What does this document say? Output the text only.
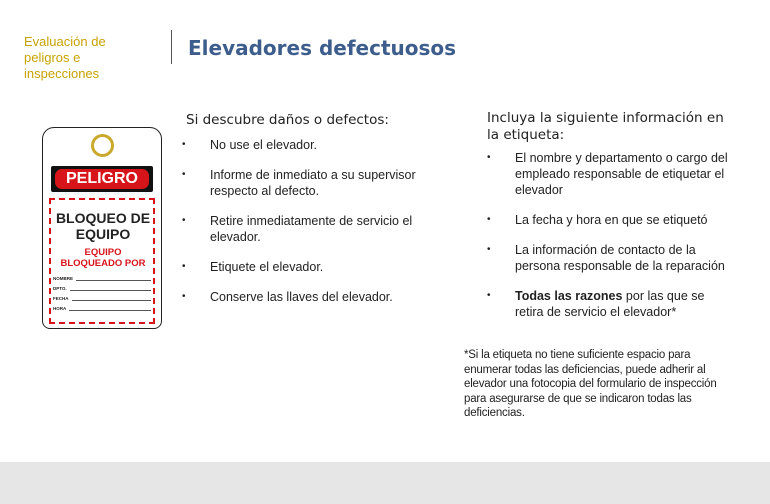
Evaluación de peligros e inspecciones
Elevadores defectuosos
PELIGRO
BLOQUEO DE EQUIPO
EQUIPO BLOQUEADO POR
NOMBRE
DPTO.
FECHA
HORA
Si descubre daños o defectos:
• No use el elevador.
• Informe de inmediato a su supervisor respecto al defecto.
• Retire inmediatamente de servicio el elevador.
• Etiquete el elevador.
• Conserve las llaves del elevador.
Incluya la siguiente información en la etiqueta:
• El nombre y departamento o cargo del empleado responsable de etiquetar el elevador
• La fecha y hora en que se etiquetó
• La información de contacto de la persona responsable de la reparación
• Todas las razones por las que se retira de servicio el elevador*
*Si la etiqueta no tiene suficiente espacio para enumerar todas las deficiencias, puede adherir al elevador una fotocopia del formulario de inspección para asegurarse de que se indicaron todas las deficiencias.
